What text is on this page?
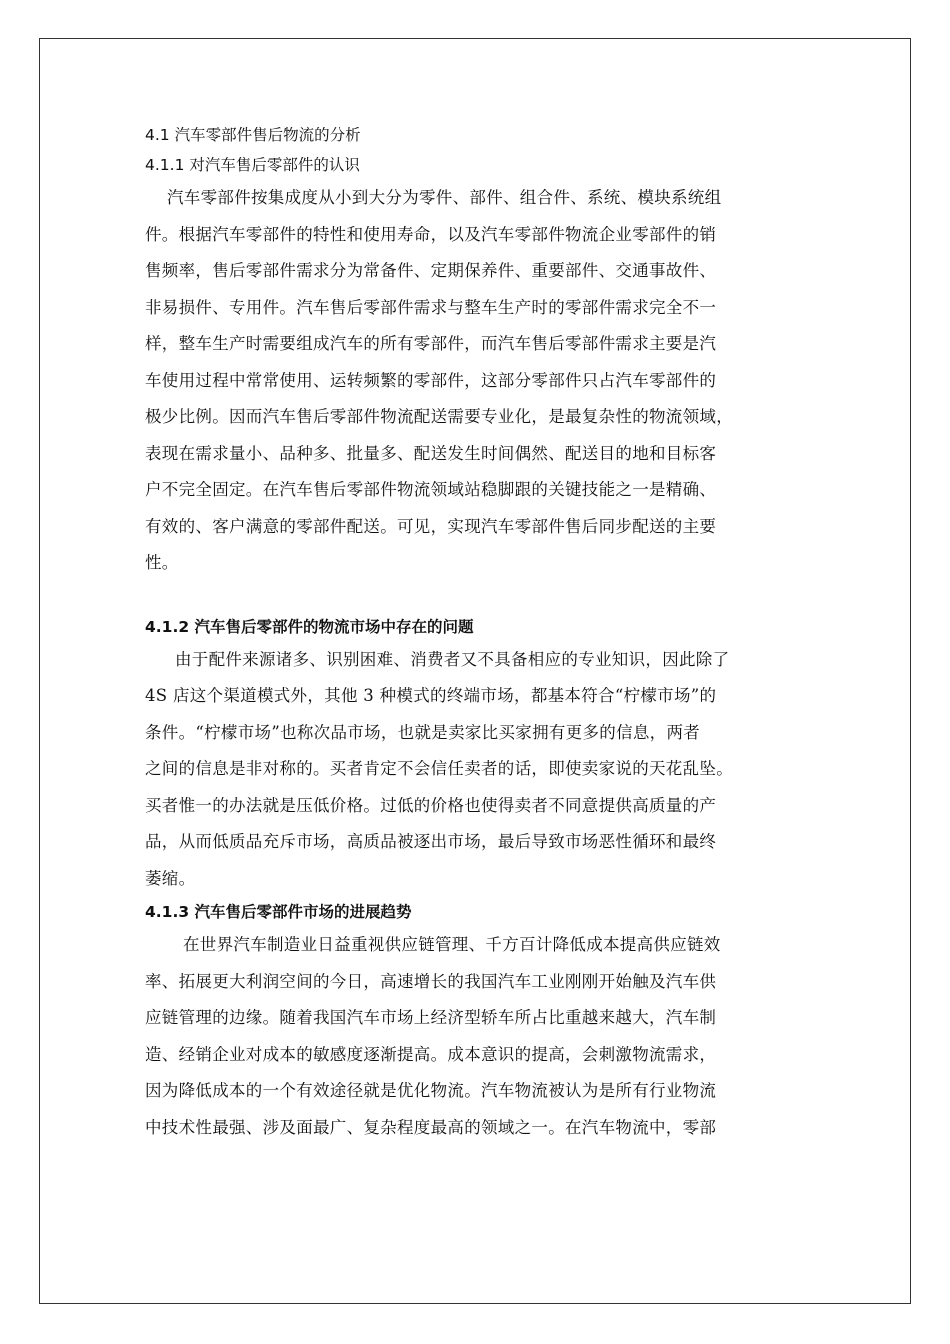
4.1 汽车零部件售后物流的分析
4.1.1 对汽车售后零部件的认识
汽车零部件按集成度从小到大分为零件、部件、组合件、系统、模块系统组
件。根据汽车零部件的特性和使用寿命，以及汽车零部件物流企业零部件的销
售频率，售后零部件需求分为常备件、定期保养件、重要部件、交通事故件、
非易损件、专用件。汽车售后零部件需求与整车生产时的零部件需求完全不一
样，整车生产时需要组成汽车的所有零部件，而汽车售后零部件需求主要是汽
车使用过程中常常使用、运转频繁的零部件，这部分零部件只占汽车零部件的
极少比例。因而汽车售后零部件物流配送需要专业化，是最复杂性的物流领域，
表现在需求量小、品种多、批量多、配送发生时间偶然、配送目的地和目标客
户不完全固定。在汽车售后零部件物流领域站稳脚跟的关键技能之一是精确、
有效的、客户满意的零部件配送。可见，实现汽车零部件售后同步配送的主要
性。
4.1.2 汽车售后零部件的物流市场中存在的问题
由于配件来源诸多、识别困难、消费者又不具备相应的专业知识，因此除了
4S 店这个渠道模式外，其他 3 种模式的终端市场，都基本符合“柠檬市场”的
条件。“柠檬市场”也称次品市场，也就是卖家比买家拥有更多的信息，两者
之间的信息是非对称的。买者肯定不会信任卖者的话，即使卖家说的天花乱坠。
买者惟一的办法就是压低价格。过低的价格也使得卖者不同意提供高质量的产
品，从而低质品充斥市场，高质品被逐出市场，最后导致市场恶性循环和最终
萎缩。
4.1.3 汽车售后零部件市场的进展趋势
在世界汽车制造业日益重视供应链管理、千方百计降低成本提高供应链效
率、拓展更大利润空间的今日，高速增长的我国汽车工业刚刚开始触及汽车供
应链管理的边缘。随着我国汽车市场上经济型轿车所占比重越来越大，汽车制
造、经销企业对成本的敏感度逐渐提高。成本意识的提高，会刺激物流需求，
因为降低成本的一个有效途径就是优化物流。汽车物流被认为是所有行业物流
中技术性最强、涉及面最广、复杂程度最高的领域之一。在汽车物流中，零部
